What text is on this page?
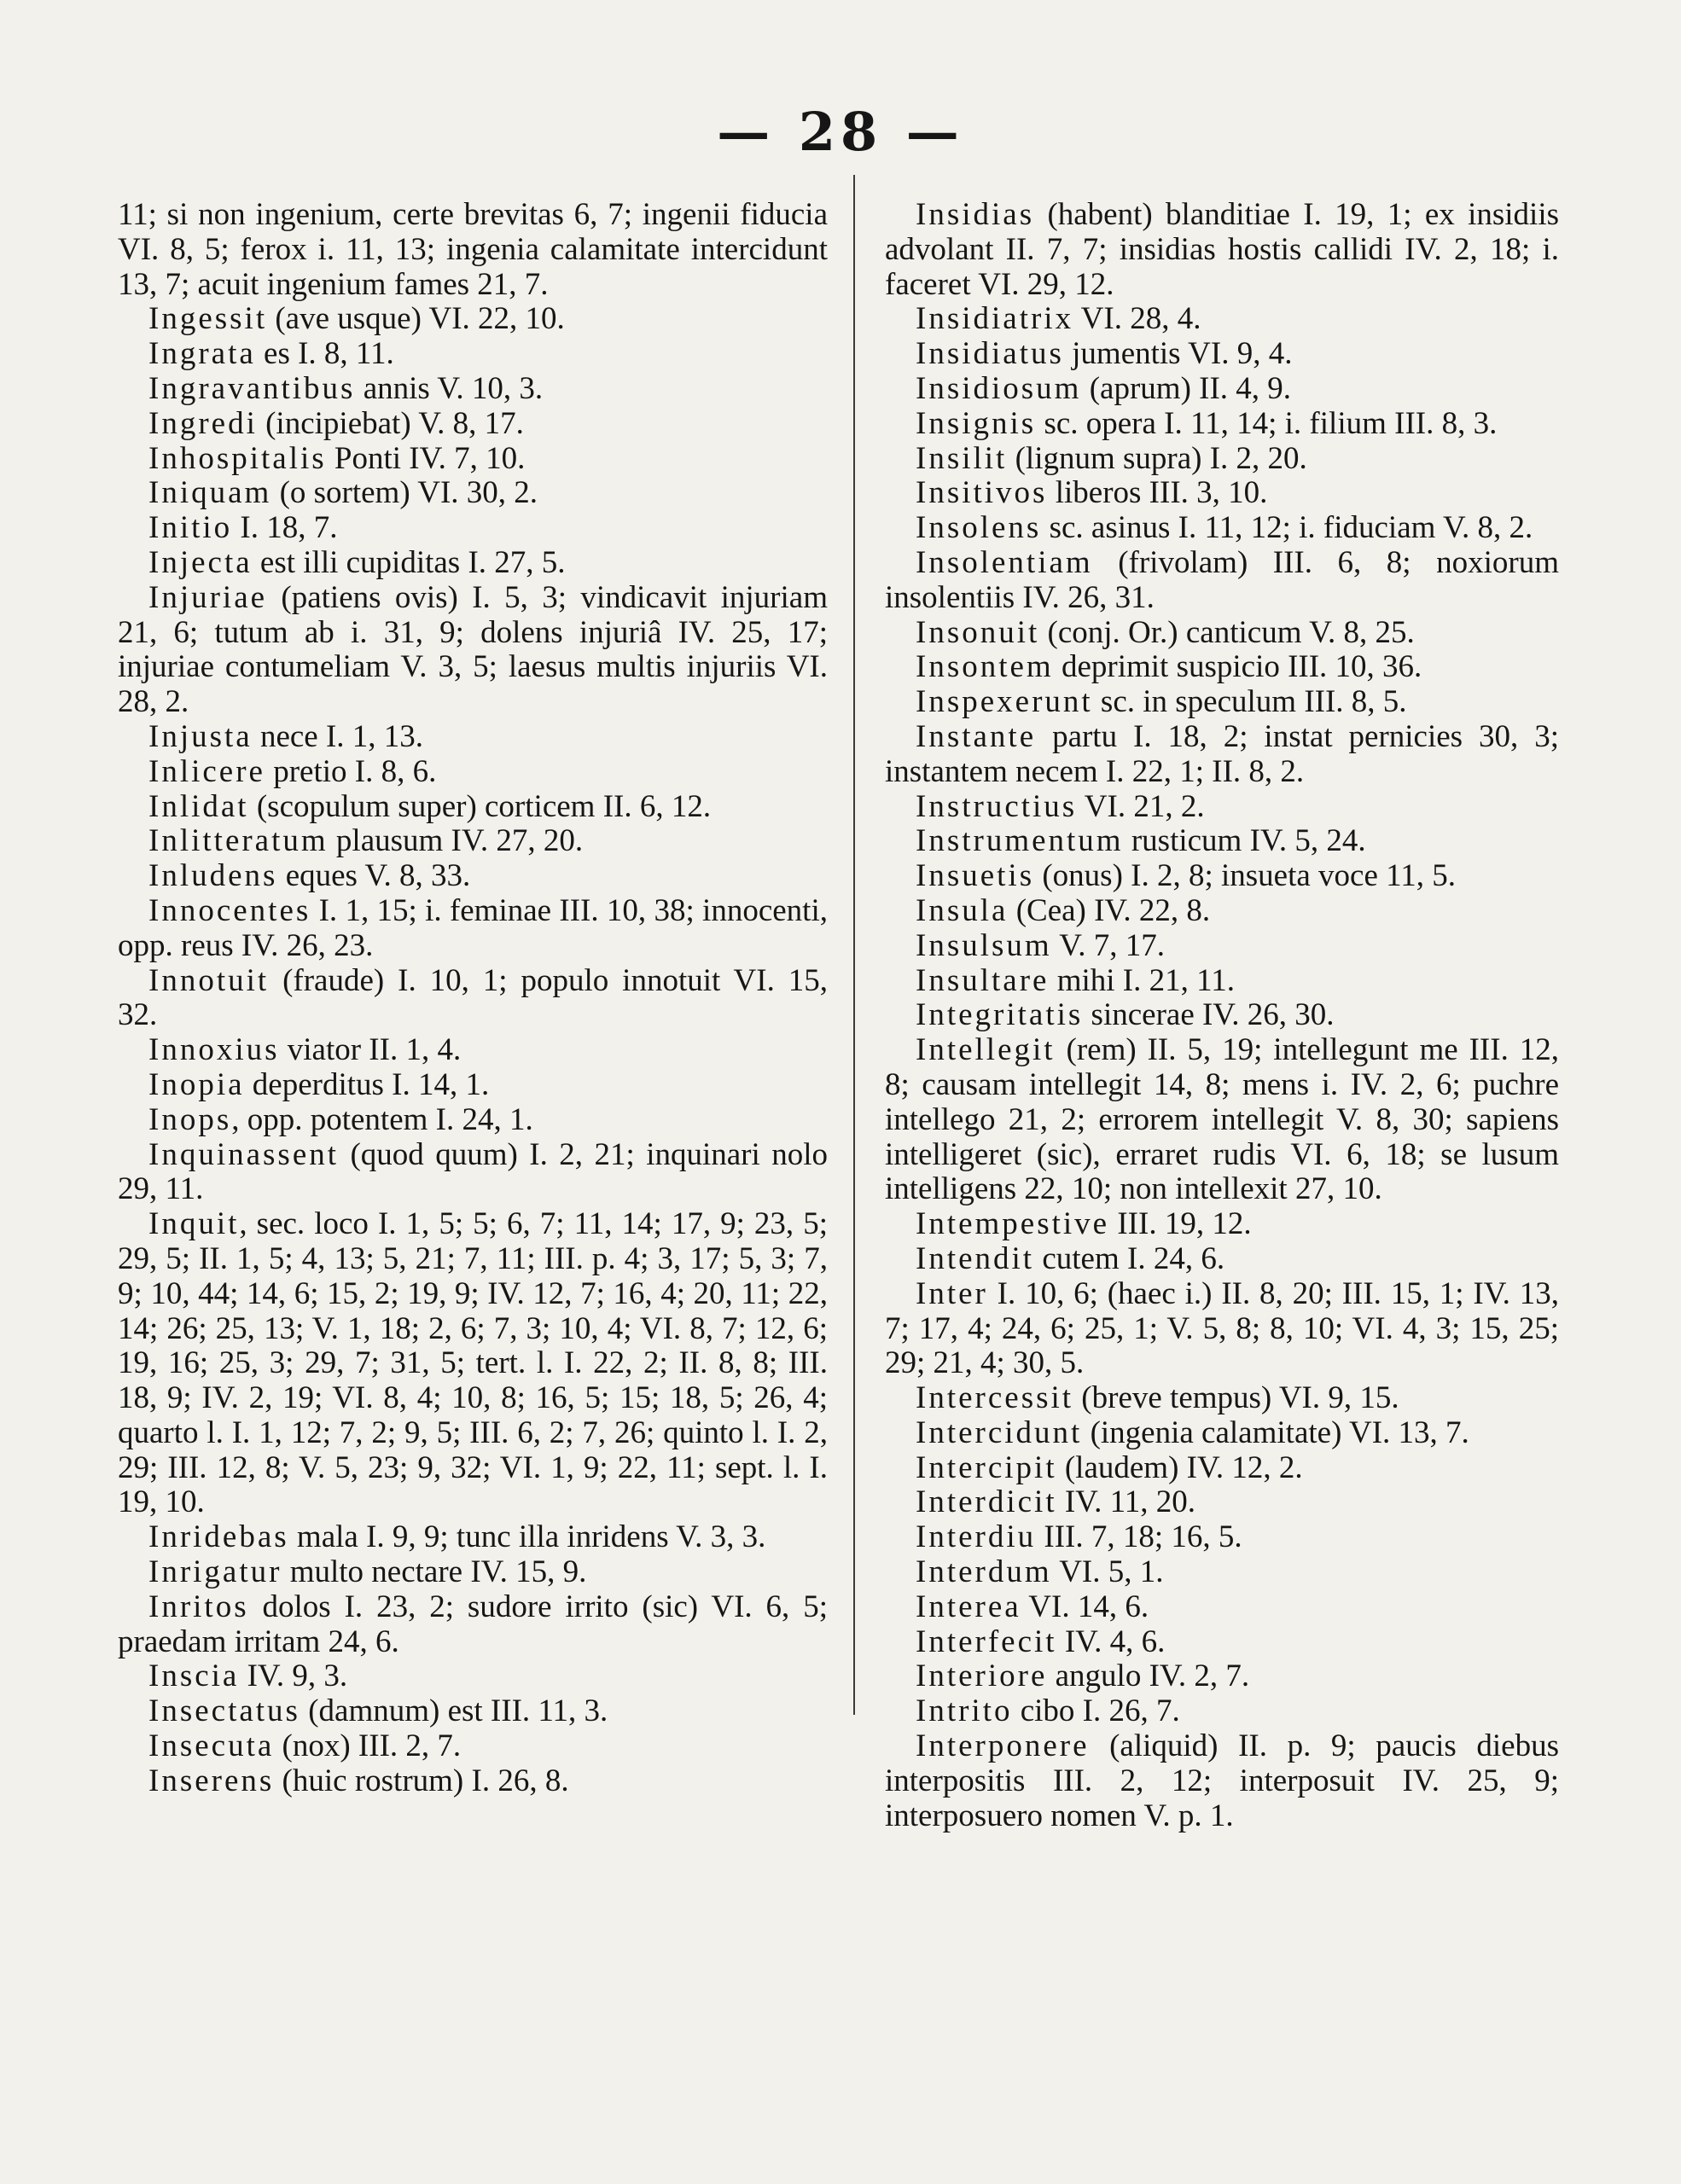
— 28 —

11; si non ingenium, certe brevitas 6, 7; ingenii fiducia VI. 8, 5; ferox i. 11, 13; ingenia calamitate intercidunt 13, 7; acuit ingenium fames 21, 7.

Ingessit (ave usque) VI. 22, 10.

Ingrata es I. 8, 11.

Ingravantibus annis V. 10, 3.

Ingredi (incipiebat) V. 8, 17.

Inhospitalis Ponti IV. 7, 10.

Iniquam (o sortem) VI. 30, 2.

Initio I. 18, 7.

Injecta est illi cupiditas I. 27, 5.

Injuriae (patiens ovis) I. 5, 3; vindicavit injuriam 21, 6; tutum ab i. 31, 9; dolens injuriâ IV. 25, 17; injuriae contumeliam V. 3, 5; laesus multis injuriis VI. 28, 2.

Injusta nece I. 1, 13.

Inlicere pretio I. 8, 6.

Inlidat (scopulum super) corticem II. 6, 12.

Inlitteratum plausum IV. 27, 20.

Inludens eques V. 8, 33.

Innocentes I. 1, 15; i. feminae III. 10, 38; innocenti, opp. reus IV. 26, 23.

Innotuit (fraude) I. 10, 1; populo innotuit VI. 15, 32.

Innoxius viator II. 1, 4.

Inopia deperditus I. 14, 1.

Inops, opp. potentem I. 24, 1.

Inquinassent (quod quum) I. 2, 21; inquinari nolo 29, 11.

Inquit, sec. loco I. 1, 5; 5; 6, 7; 11, 14; 17, 9; 23, 5; 29, 5; II. 1, 5; 4, 13; 5, 21; 7, 11; III. p. 4; 3, 17; 5, 3; 7, 9; 10, 44; 14, 6; 15, 2; 19, 9; IV. 12, 7; 16, 4; 20, 11; 22, 14; 26; 25, 13; V. 1, 18; 2, 6; 7, 3; 10, 4; VI. 8, 7; 12, 6; 19, 16; 25, 3; 29, 7; 31, 5; tert. l. I. 22, 2; II. 8, 8; III. 18, 9; IV. 2, 19; VI. 8, 4; 10, 8; 16, 5; 15; 18, 5; 26, 4; quarto l. I. 1, 12; 7, 2; 9, 5; III. 6, 2; 7, 26; quinto l. I. 2, 29; III. 12, 8; V. 5, 23; 9, 32; VI. 1, 9; 22, 11; sept. l. I. 19, 10.

Inridebas mala I. 9, 9; tunc illa inridens V. 3, 3.

Inrigatur multo nectare IV. 15, 9.

Inritos dolos I. 23, 2; sudore irrito (sic) VI. 6, 5; praedam irritam 24, 6.

Inscia IV. 9, 3.

Insectatus (damnum) est III. 11, 3.

Insecuta (nox) III. 2, 7.

Inserens (huic rostrum) I. 26, 8.

Insidias (habent) blanditiae I. 19, 1; ex insidiis advolant II. 7, 7; insidias hostis callidi IV. 2, 18; i. faceret VI. 29, 12.

Insidiatrix VI. 28, 4.

Insidiatus jumentis VI. 9, 4.

Insidiosum (aprum) II. 4, 9.

Insignis sc. opera I. 11, 14; i. filium III. 8, 3.

Insilit (lignum supra) I. 2, 20.

Insitivos liberos III. 3, 10.

Insolens sc. asinus I. 11, 12; i. fiduciam V. 8, 2.

Insolentiam (frivolam) III. 6, 8; noxiorum insolentiis IV. 26, 31.

Insonuit (conj. Or.) canticum V. 8, 25.

Insontem deprimit suspicio III. 10, 36.

Inspexerunt sc. in speculum III. 8, 5.

Instante partu I. 18, 2; instat pernicies 30, 3; instantem necem I. 22, 1; II. 8, 2.

Instructius VI. 21, 2.

Instrumentum rusticum IV. 5, 24.

Insuetis (onus) I. 2, 8; insueta voce 11, 5.

Insula (Cea) IV. 22, 8.

Insulsum V. 7, 17.

Insultare mihi I. 21, 11.

Integritatis sincerae IV. 26, 30.

Intellegit (rem) II. 5, 19; intellegunt me III. 12, 8; causam intellegit 14, 8; mens i. IV. 2, 6; puchre intellego 21, 2; errorem intellegit V. 8, 30; sapiens intelligeret (sic), erraret rudis VI. 6, 18; se lusum intelligens 22, 10; non intellexit 27, 10.

Intempestive III. 19, 12.

Intendit cutem I. 24, 6.

Inter I. 10, 6; (haec i.) II. 8, 20; III. 15, 1; IV. 13, 7; 17, 4; 24, 6; 25, 1; V. 5, 8; 8, 10; VI. 4, 3; 15, 25; 29; 21, 4; 30, 5.

Intercessit (breve tempus) VI. 9, 15.

Intercidunt (ingenia calamitate) VI. 13, 7.

Intercipit (laudem) IV. 12, 2.

Interdicit IV. 11, 20.

Interdiu III. 7, 18; 16, 5.

Interdum VI. 5, 1.

Interea VI. 14, 6.

Interfecit IV. 4, 6.

Interiore angulo IV. 2, 7.

Intrito cibo I. 26, 7.

Interponere (aliquid) II. p. 9; paucis diebus interpositis III. 2, 12; interposuit IV. 25, 9; interposuero nomen V. p. 1.
